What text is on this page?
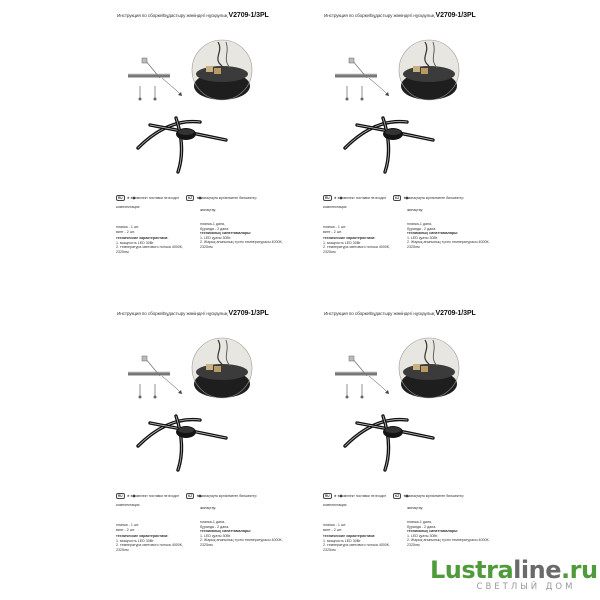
Инструкция по сборке/Бұдастыру жөніндегі нұсқаулық V2709-1/3PL
RU ★ в комплект поставки не входит	KZ ★ жинақтауға кіргізілмеген бөлшектер
комплектация:
жинақтау:
планка - 1 шт.
винт - 2 шт.
планка-1 дана,
бұранда - 2 дана.
технические характеристики:
1. мощность LED 30Вт
2. температура светового потока 4000К,
2325лм
техникалық сипаттамалары:
1. LED қуаты 30Вт.
2. Жарық ағынының түстік температурасы 4000К,
2325лм
Инструкция по сборке/Бұдастыру жөніндегі нұсқаулық V2709-1/3PL
RU ★ в комплект поставки не входит	KZ ★ жинақтауға кіргізілмеген бөлшектер
комплектация:
жинақтау:
планка - 1 шт.
винт - 2 шт.
планка-1 дана,
бұранда - 2 дана.
технические характеристики:
1. мощность LED 30Вт
2. температура светового потока 4000К,
2325лм
техникалық сипаттамалары:
1. LED қуаты 30Вт.
2. Жарық ағынының түстік температурасы 4000К,
2325лм
Инструкция по сборке/Бұдастыру жөніндегі нұсқаулық V2709-1/3PL
RU ★ в комплект поставки не входит	KZ ★ жинақтауға кіргізілмеген бөлшектер
комплектация:
жинақтау:
планка - 1 шт.
винт - 2 шт.
планка-1 дана,
бұранда - 2 дана.
технические характеристики:
1. мощность LED 30Вт
2. температура светового потока 4000К,
2325лм
техникалық сипаттамалары:
1. LED қуаты 30Вт.
2. Жарық ағынының түстік температурасы 4000К,
2325лм
Инструкция по сборке/Бұдастыру жөніндегі нұсқаулық V2709-1/3PL
RU ★ в комплект поставки не входит	KZ ★ жинақтауға кіргізілмеген бөлшектер
комплектация:
жинақтау:
планка - 1 шт.
винт - 2 шт.
планка-1 дана,
бұранда - 2 дана.
технические характеристики:
1. мощность LED 30Вт
2. температура светового потока 4000К,
2325лм
техникалық сипаттамалары:
1. LED қуаты 30Вт.
2. Жарық ағынының түстік температурасы 4000К,
2325лм
Lustraline.ru
СВЕТЛЫЙ ДОМ
